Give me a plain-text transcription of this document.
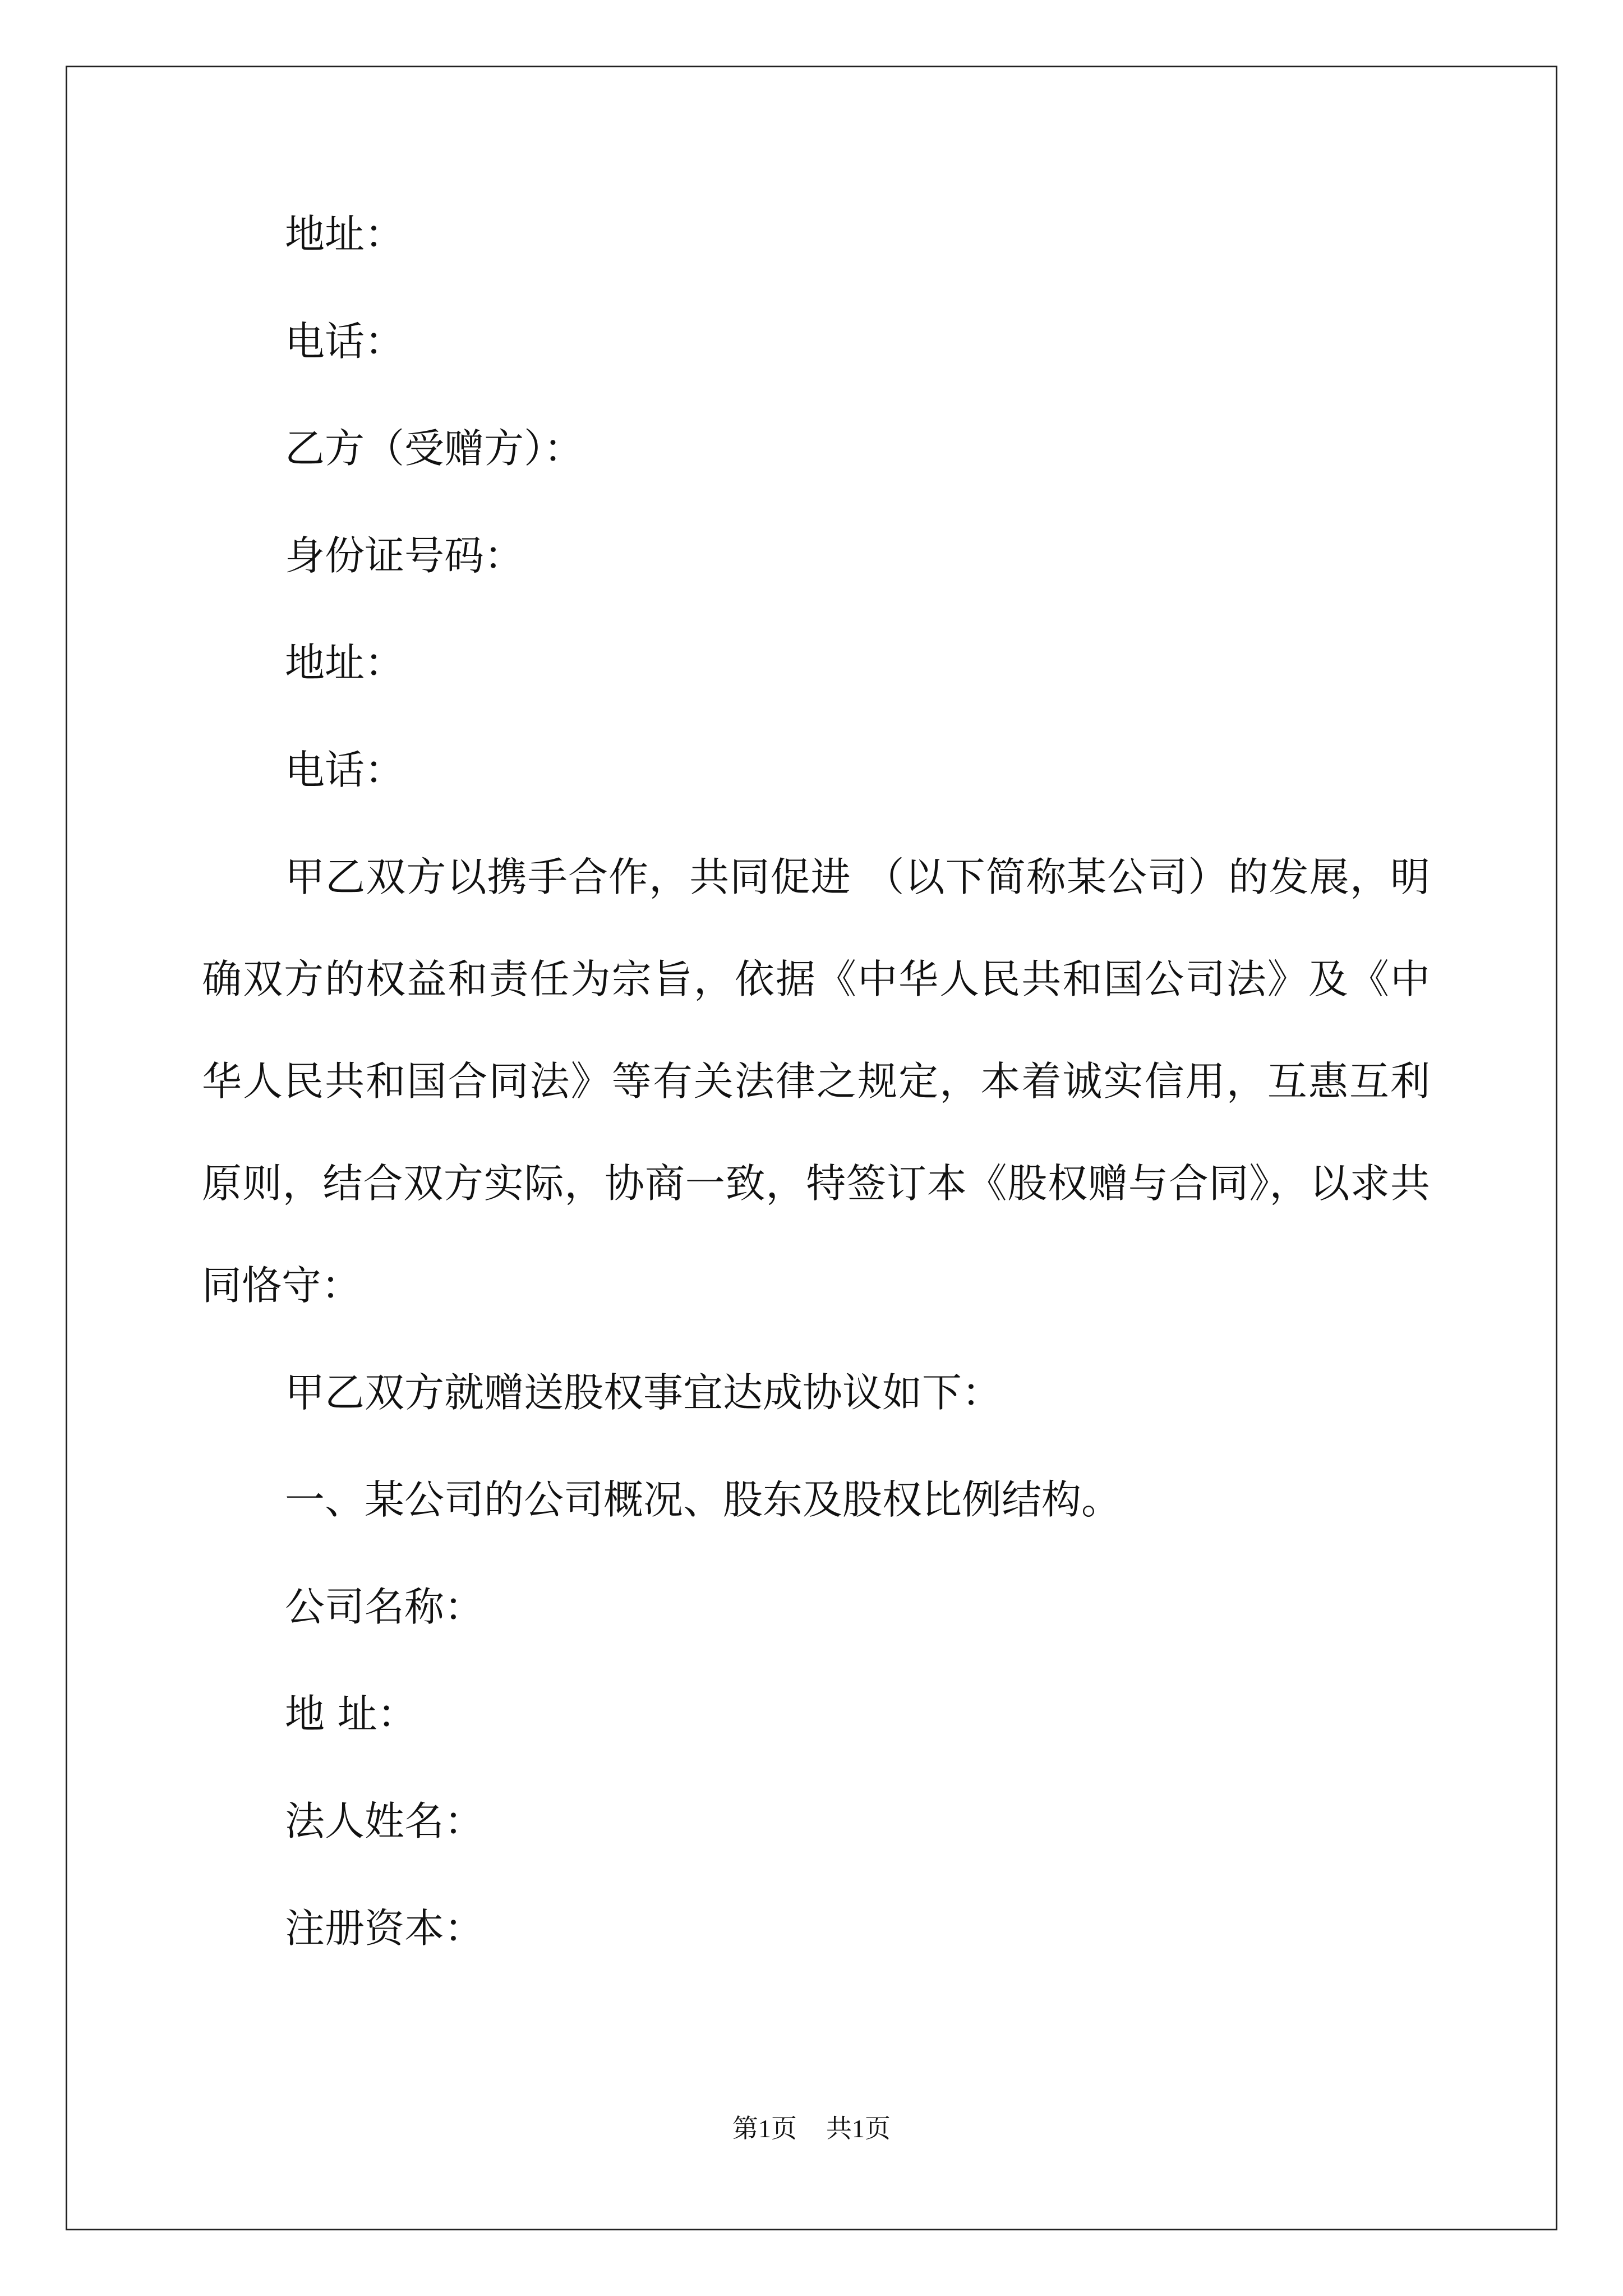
地址：
电话：
乙方（受赠方）：
身份证号码：
地址：
电话：
甲乙双方以携手合作，共同促进 （以下简称某公司）的发展，明确双方的权益和责任为宗旨，依据《中华人民共和国公司法》及《中华人民共和国合同法》等有关法律之规定，本着诚实信用，互惠互利原则，结合双方实际，协商一致，特签订本《股权赠与合同》，以求共同恪守：
甲乙双方就赠送股权事宜达成协议如下：
一、某公司的公司概况、股东及股权比例结构。
公司名称：
地 址：
法人姓名：
注册资本：
第1页 共1页
